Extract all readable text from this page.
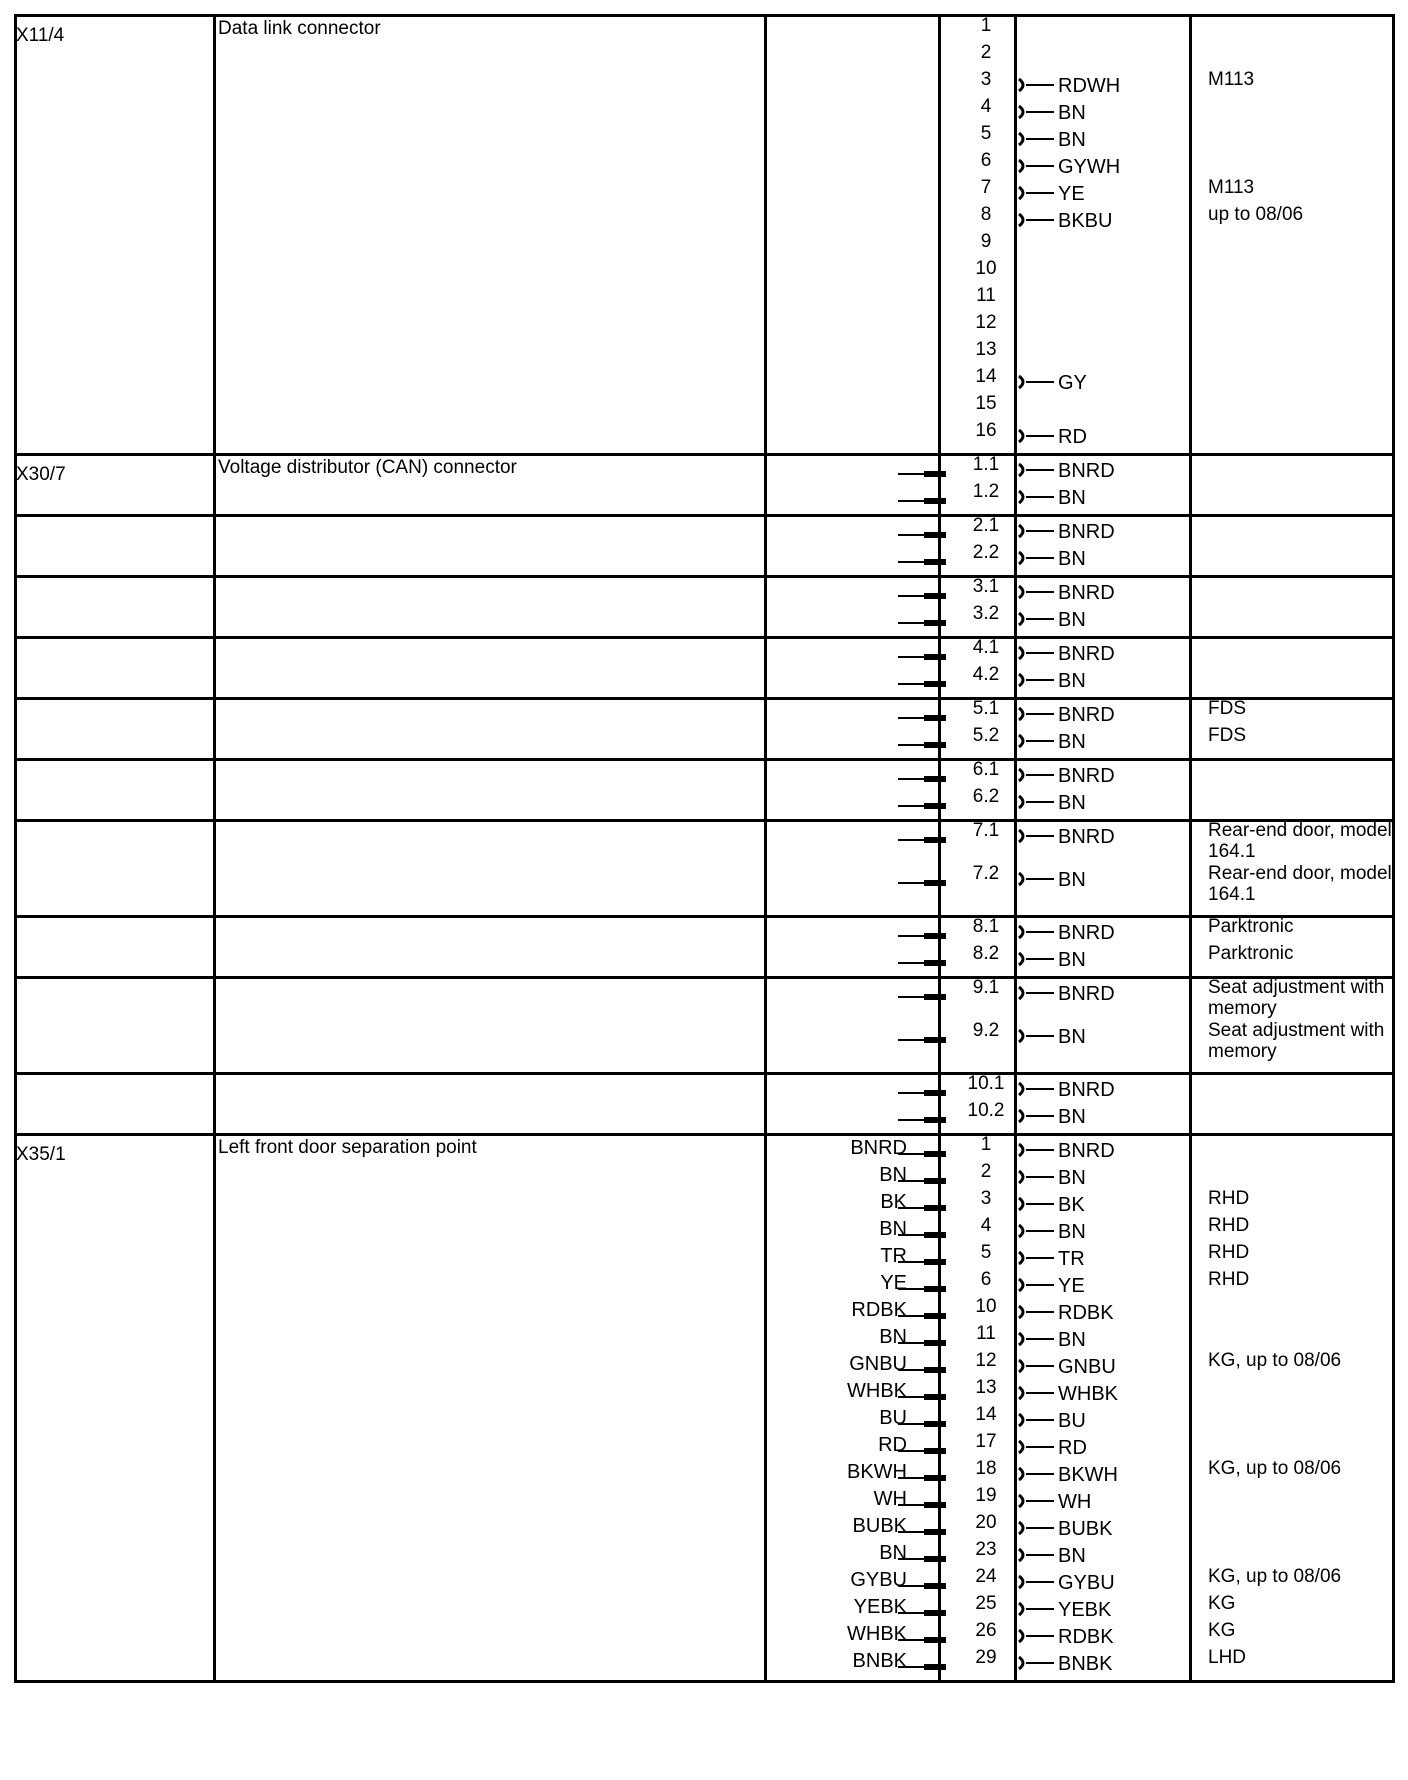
X11/4	Data link connector	1
2
3	RDWH	M113
4	BN
5	BN
6	GYWH
7	YE	M113
8	BKBU	up to 08/06
9
10
11
12
13
14	GY
15
16	RD
X30/7	Voltage distributor (CAN) connector	1.1	BNRD
1.2	BN
2.1	BNRD
2.2	BN
3.1	BNRD
3.2	BN
4.1	BNRD
4.2	BN
5.1	BNRD	FDS
5.2	BN	FDS
6.1	BNRD
6.2	BN
7.1	BNRD	Rear-end door, model 164.1
7.2	BN	Rear-end door, model 164.1
8.1	BNRD	Parktronic
8.2	BN	Parktronic
9.1	BNRD	Seat adjustment with memory
9.2	BN	Seat adjustment with memory
10.1	BNRD
10.2	BN
X35/1	Left front door separation point	BNRD	1	BNRD
BN	2	BN
BK	3	BK	RHD
BN	4	BN	RHD
TR	5	TR	RHD
YE	6	YE	RHD
RDBK	10	RDBK
BN	11	BN
GNBU	12	GNBU	KG, up to 08/06
WHBK	13	WHBK
BU	14	BU
RD	17	RD
BKWH	18	BKWH	KG, up to 08/06
WH	19	WH
BUBK	20	BUBK
BN	23	BN
GYBU	24	GYBU	KG, up to 08/06
YEBK	25	YEBK	KG
WHBK	26	RDBK	KG
BNBK	29	BNBK	LHD
